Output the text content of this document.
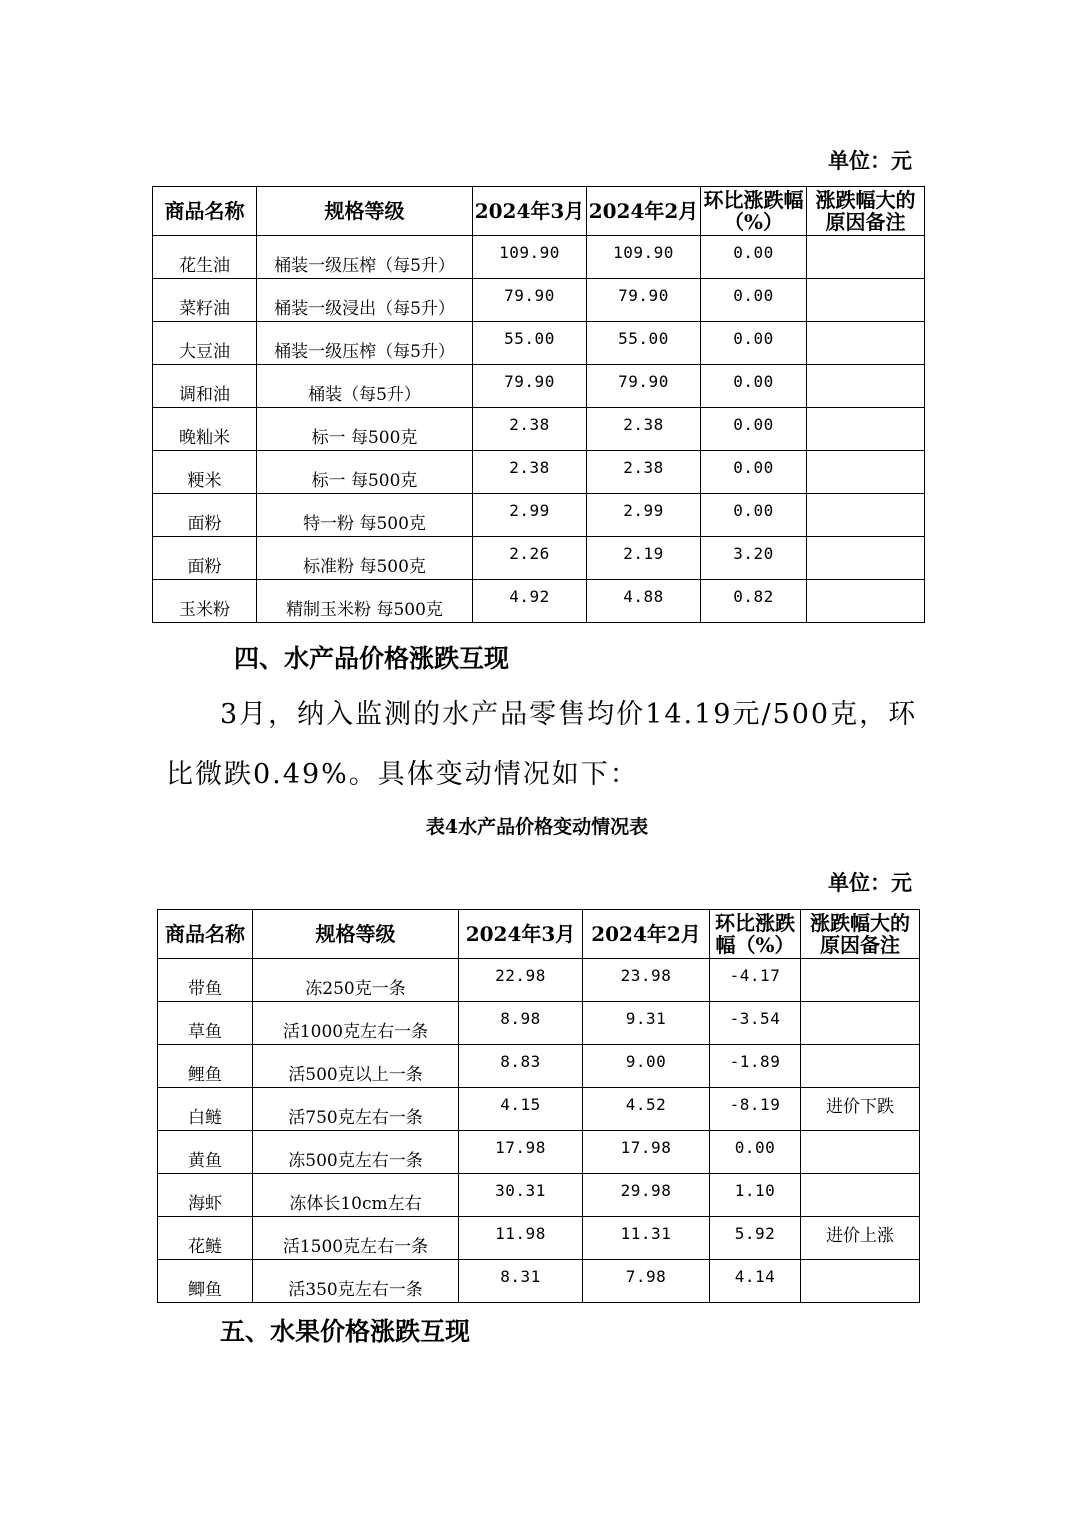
单位：元
商品名称	规格等级	2024年3月	2024年2月	环比涨跌幅（%）	涨跌幅大的原因备注
花生油	桶装一级压榨（每5升）	109.90	109.90	0.00	
菜籽油	桶装一级浸出（每5升）	79.90	79.90	0.00	
大豆油	桶装一级压榨（每5升）	55.00	55.00	0.00	
调和油	桶装（每5升）	79.90	79.90	0.00	
晚籼米	标一 每500克	2.38	2.38	0.00	
粳米	标一 每500克	2.38	2.38	0.00	
面粉	特一粉 每500克	2.99	2.99	0.00	
面粉	标准粉 每500克	2.26	2.19	3.20	
玉米粉	精制玉米粉 每500克	4.92	4.88	0.82	
四、水产品价格涨跌互现
3月，纳入监测的水产品零售均价14.19元/500克，环
比微跌0.49%。具体变动情况如下：
表4水产品价格变动情况表
单位：元
商品名称	规格等级	2024年3月	2024年2月	环比涨跌幅（%）	涨跌幅大的原因备注
带鱼	冻250克一条	22.98	23.98	-4.17	
草鱼	活1000克左右一条	8.98	9.31	-3.54	
鲤鱼	活500克以上一条	8.83	9.00	-1.89	
白鲢	活750克左右一条	4.15	4.52	-8.19	进价下跌
黄鱼	冻500克左右一条	17.98	17.98	0.00	
海虾	冻体长10cm左右	30.31	29.98	1.10	
花鲢	活1500克左右一条	11.98	11.31	5.92	进价上涨
鲫鱼	活350克左右一条	8.31	7.98	4.14	
五、水果价格涨跌互现
